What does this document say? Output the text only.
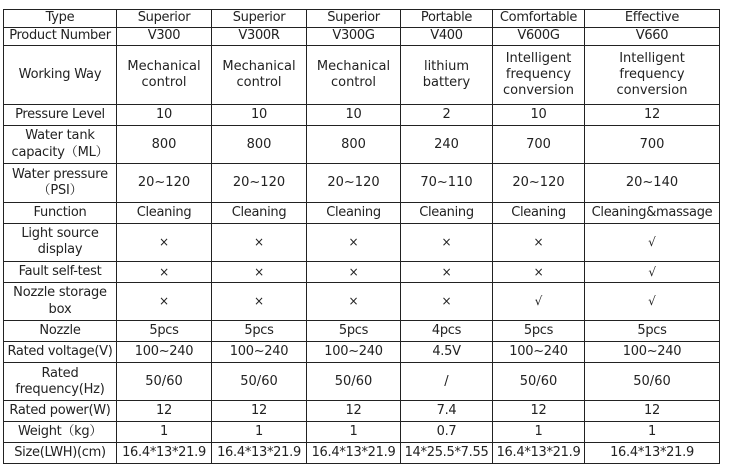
Type	Superior	Superior	Superior	Portable	Comfortable	Effective
Product Number	V300	V300R	V300G	V400	V600G	V660
Working Way	Mechanical control	Mechanical control	Mechanical control	lithium battery	Intelligent frequency conversion	Intelligent frequency conversion
Pressure Level	10	10	10	2	10	12
Water tank capacity（ML）	800	800	800	240	700	700
Water pressure（PSI）	20~120	20~120	20~120	70~110	20~120	20~140
Function	Cleaning	Cleaning	Cleaning	Cleaning	Cleaning	Cleaning&massage
Light source display	×	×	×	×	×	√
Fault self-test	×	×	×	×	×	√
Nozzle storage box	×	×	×	×	√	√
Nozzle	5pcs	5pcs	5pcs	4pcs	5pcs	5pcs
Rated voltage(V)	100~240	100~240	100~240	4.5V	100~240	100~240
Rated frequency(Hz)	50/60	50/60	50/60	/	50/60	50/60
Rated power(W)	12	12	12	7.4	12	12
Weight（kg）	1	1	1	0.7	1	1
Size(LWH)(cm)	16.4*13*21.9	16.4*13*21.9	16.4*13*21.9	14*25.5*7.55	16.4*13*21.9	16.4*13*21.9
